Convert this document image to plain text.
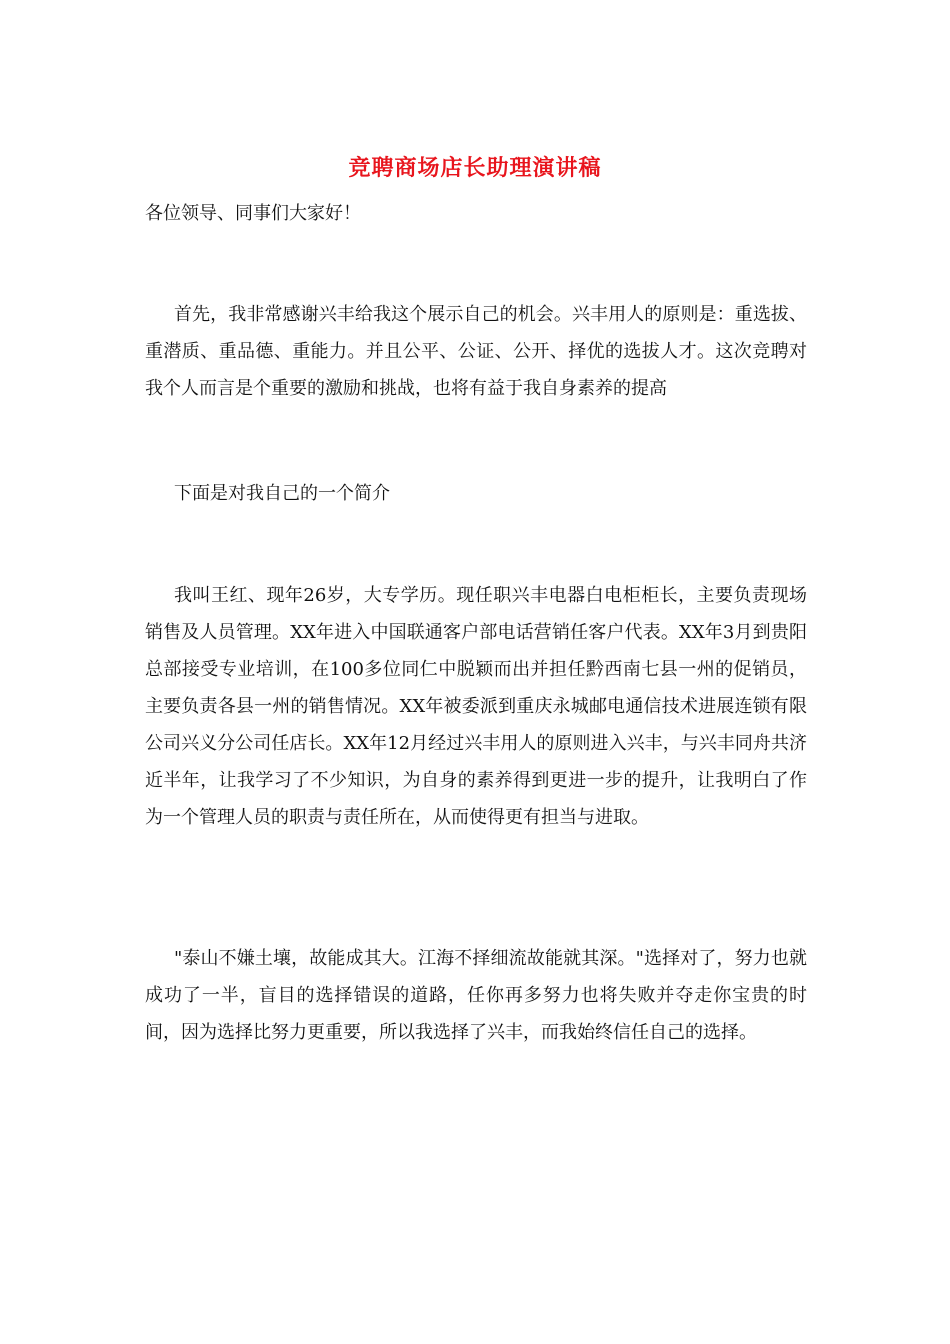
竞聘商场店长助理演讲稿
各位领导、同事们大家好！

首先，我非常感谢兴丰给我这个展示自己的机会。兴丰用人的原则是：重选拔、重潜质、重品德、重能力。并且公平、公证、公开、择优的选拔人才。这次竞聘对我个人而言是个重要的激励和挑战，也将有益于我自身素养的提高

下面是对我自己的一个简介

我叫王红、现年26岁，大专学历。现任职兴丰电器白电柜柜长，主要负责现场销售及人员管理。XX年进入中国联通客户部电话营销任客户代表。XX年3月到贵阳总部接受专业培训，在100多位同仁中脱颖而出并担任黔西南七县一州的促销员，主要负责各县一州的销售情况。XX年被委派到重庆永城邮电通信技术进展连锁有限公司兴义分公司任店长。XX年12月经过兴丰用人的原则进入兴丰，与兴丰同舟共济近半年，让我学习了不少知识，为自身的素养得到更进一步的提升，让我明白了作为一个管理人员的职责与责任所在，从而使得更有担当与进取。

"泰山不嫌土壤，故能成其大。江海不择细流故能就其深。"选择对了，努力也就成功了一半，盲目的选择错误的道路，任你再多努力也将失败并夺走你宝贵的时间，因为选择比努力更重要，所以我选择了兴丰，而我始终信任自己的选择。
